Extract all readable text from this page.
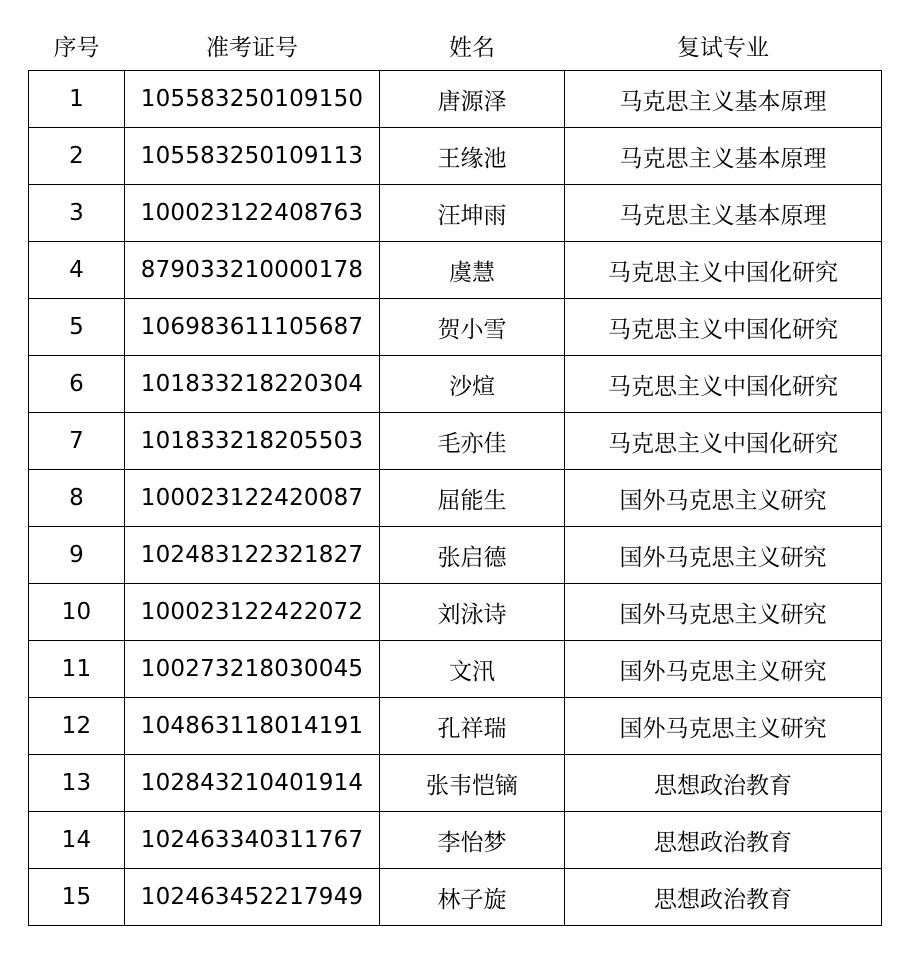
序号	准考证号	姓名	复试专业
1	105583250109150	唐源泽	马克思主义基本原理
2	105583250109113	王缘池	马克思主义基本原理
3	100023122408763	汪坤雨	马克思主义基本原理
4	879033210000178	虞慧	马克思主义中国化研究
5	106983611105687	贺小雪	马克思主义中国化研究
6	101833218220304	沙煊	马克思主义中国化研究
7	101833218205503	毛亦佳	马克思主义中国化研究
8	100023122420087	屈能生	国外马克思主义研究
9	102483122321827	张启德	国外马克思主义研究
10	100023122422072	刘泳诗	国外马克思主义研究
11	100273218030045	文汛	国外马克思主义研究
12	104863118014191	孔祥瑞	国外马克思主义研究
13	102843210401914	张韦恺镝	思想政治教育
14	102463340311767	李怡梦	思想政治教育
15	102463452217949	林子旋	思想政治教育
